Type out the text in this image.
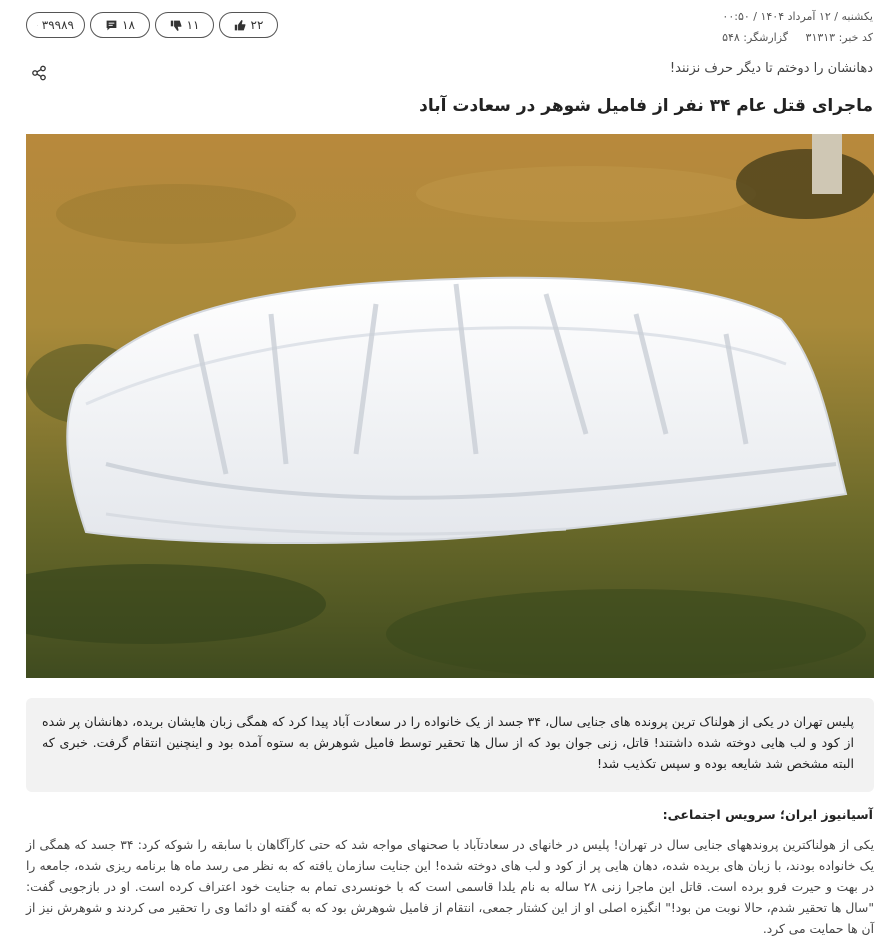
یکشنبه / ۱۲ آمرداد ۱۴۰۴ / ۰۰:۵۰
کد خبر: ۳۱۳۱۳ گزارشگر: ۵۴۸
۳۹۹۸۹	۱۸	۱۱	۲۲
دهانشان را دوختم تا دیگر حرف نزنند!
ماجرای قتل عام ۳۴ نفر از فامیل شوهر در سعادت آباد
پلیس تهران در یکی از هولناک ترین پرونده های جنایی سال، ۳۴ جسد از یک خانواده را در سعادت آباد پیدا کرد که همگی زبان هایشان بریده، دهانشان پر شده از کود و لب هایی دوخته شده داشتند! قاتل، زنی جوان بود که از سال ها تحقیر توسط فامیل شوهرش به ستوه آمده بود و اینچنین انتقام گرفت. خبری که البته مشخص شد شایعه بوده و سپس تکذیب شد!
آسیانیوز ایران؛ سرویس اجتماعی:
یکی از هولناکترین پروندههای جنایی سال در تهران! پلیس در خانهای در سعادتآباد با صحنهای مواجه شد که حتی کارآگاهان با سابقه را شوکه کرد: ۳۴ جسد که همگی از یک خانواده بودند، با زبان های بریده شده، دهان هایی پر از کود و لب های دوخته شده! این جنایت سازمان یافته که به نظر می رسد ماه ها برنامه ریزی شده، جامعه را در بهت و حیرت فرو برده است. قاتل این ماجرا زنی ۲۸ ساله به نام یلدا قاسمی است که با خونسردی تمام به جنایت خود اعتراف کرده است. او در بازجویی گفت: "سال ها تحقیر شدم، حالا نوبت من بود!" انگیزه اصلی او از این کشتار جمعی، انتقام از فامیل شوهرش بود که به گفته او دائما وی را تحقیر می کردند و شوهرش نیز از آن ها حمایت می کرد.
